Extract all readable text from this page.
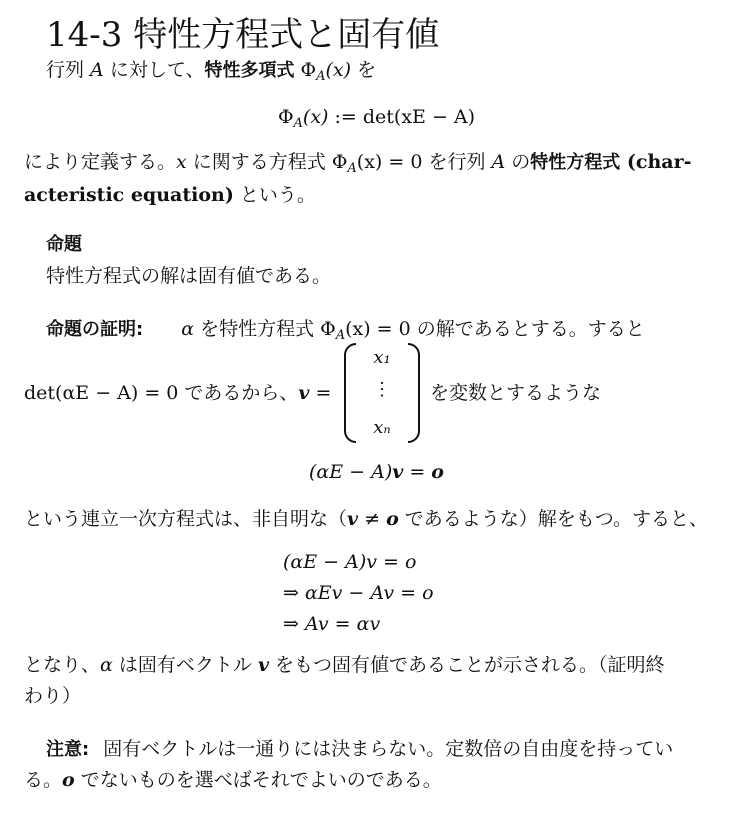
14-3 特性方程式と固有値
行列 A に対して、特性多項式 $\Phi_A(x)$ を
$\Phi_A(x)$ := det(xE − A)
により定義する。x に関する方程式 $\Phi_A(x) = 0$ を行列 A の特性方程式 (char-
acteristic equation) という。
命題
特性方程式の解は固有値である。
命題の証明: α を特性方程式 $\Phi_A(x) = 0$ の解であるとする。すると
det(αE − A) = 0 であるから、v =
x₁
⋮
xₙ
を変数とするような
(αE − A)v = o
という連立一次方程式は、非自明な（v ≠ o であるような）解をもつ。すると、
(αE − A)v = o
⇒ αEv − Av = o
⇒ Av = αv
となり、α は固有ベクトル v をもつ固有値であることが示される。（証明終
わり）
注意: 固有ベクトルは一通りには決まらない。定数倍の自由度を持ってい
る。o でないものを選べばそれでよいのである。
